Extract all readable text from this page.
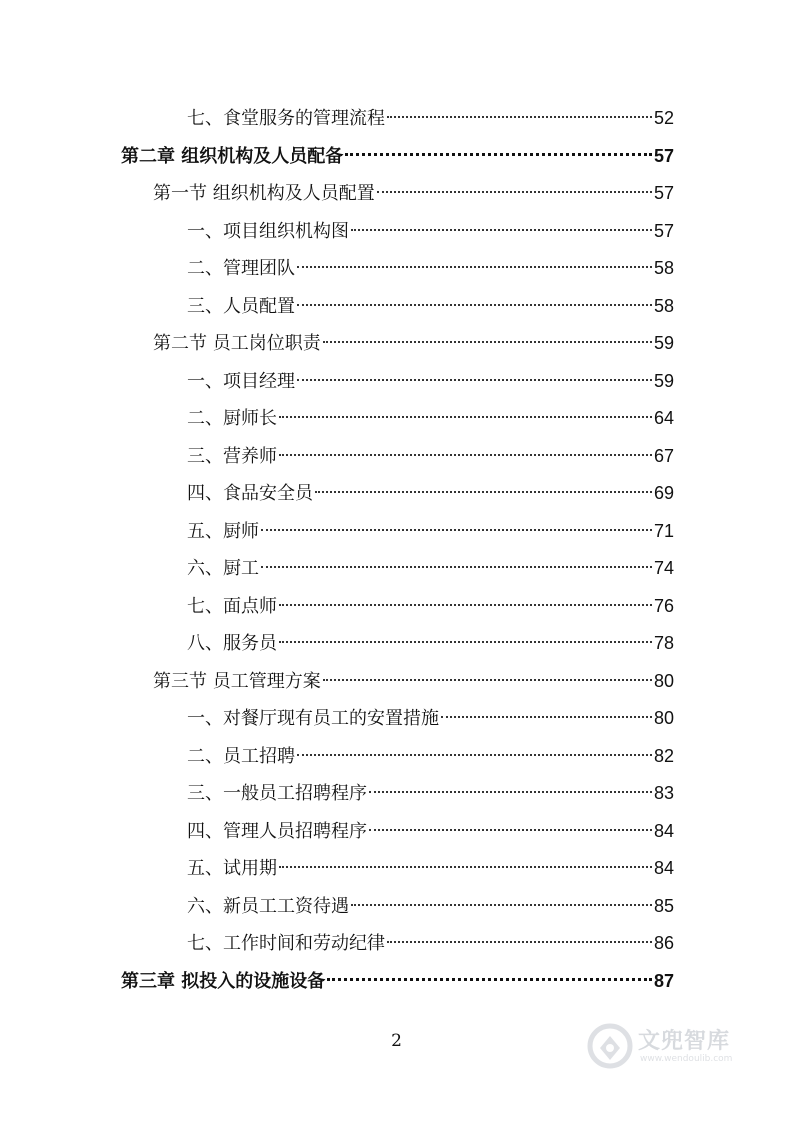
七、食堂服务的管理流程	52
第二章 组织机构及人员配备	57
第一节 组织机构及人员配置	57
一、项目组织机构图	57
二、管理团队	58
三、人员配置	58
第二节 员工岗位职责	59
一、项目经理	59
二、厨师长	64
三、营养师	67
四、食品安全员	69
五、厨师	71
六、厨工	74
七、面点师	76
八、服务员	78
第三节 员工管理方案	80
一、对餐厅现有员工的安置措施	80
二、员工招聘	82
三、一般员工招聘程序	83
四、管理人员招聘程序	84
五、试用期	84
六、新员工工资待遇	85
七、工作时间和劳动纪律	86
第三章 拟投入的设施设备	87
2	文兜智库
www.wendoulib.com
